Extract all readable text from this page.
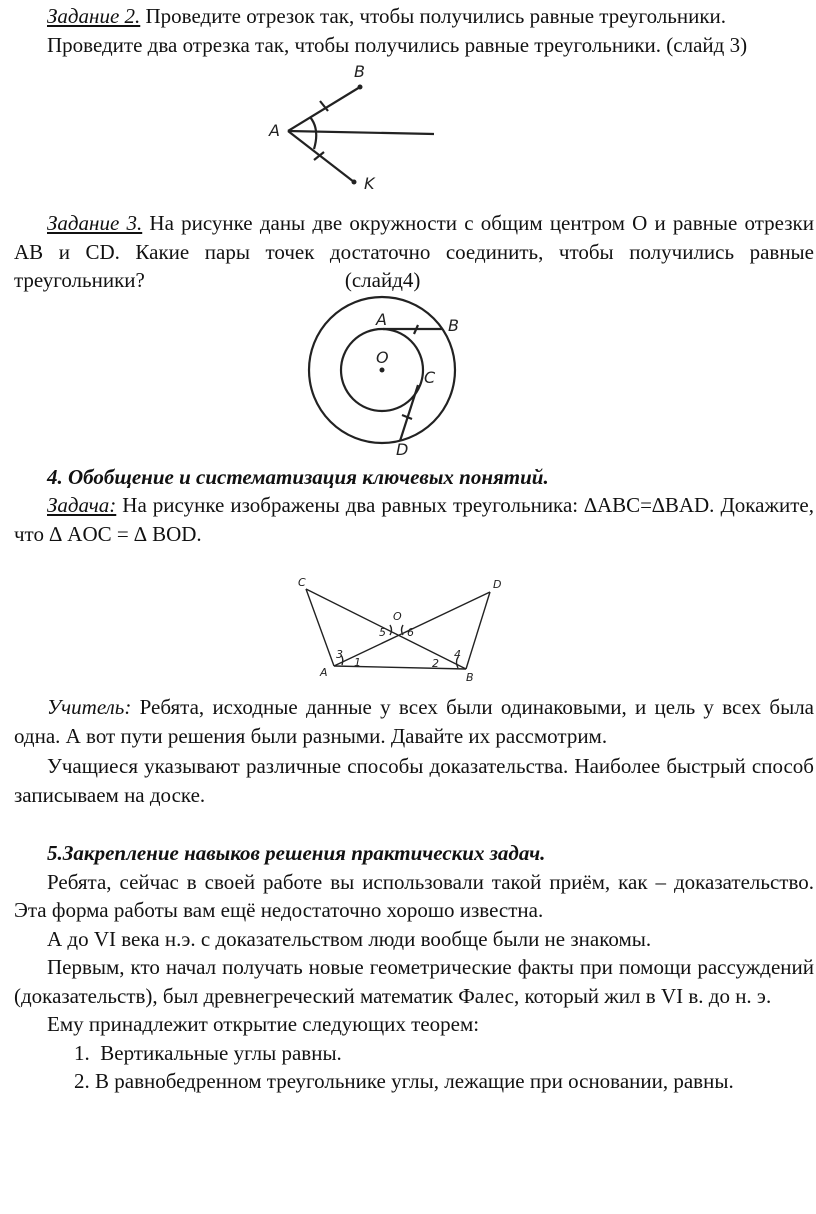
Задание 2. Проведите отрезок так, чтобы получились равные треугольники.

Проведите два отрезка так, чтобы получились равные треугольники. (слайд 3)

B
A
K

Задание 3. На рисунке даны две окружности с общим центром О и равные отрезки АВ и CD. Какие пары точек достаточно соединить, чтобы получились равные треугольники?	(слайд4)

A	B
O
C
D

4. Обобщение и систематизация ключевых понятий.

Задача: На рисунке изображены два равных треугольника: ∆ABC=∆BAD. Докажите, что ∆ AOC = ∆ BOD.

C	D
O
5 6
3	4
1	2
A	B

Учитель: Ребята, исходные данные у всех были одинаковыми, и цель у всех была одна. А вот пути решения были разными. Давайте их рассмотрим.

Учащиеся указывают различные способы доказательства. Наиболее быстрый способ записываем на доске.

5.Закрепление навыков решения практических задач.

Ребята, сейчас в своей работе вы использовали такой приём, как – доказательство. Эта форма работы вам ещё недостаточно хорошо известна.

А до VI века н.э. с доказательством люди вообще были не знакомы.

Первым, кто начал получать новые геометрические факты при помощи рассуждений (доказательств), был древнегреческий математик Фалес, который жил в VI в. до н. э.

Ему принадлежит открытие следующих теорем:

1. Вертикальные углы равны.

2. В равнобедренном треугольнике углы, лежащие при основании, равны.
